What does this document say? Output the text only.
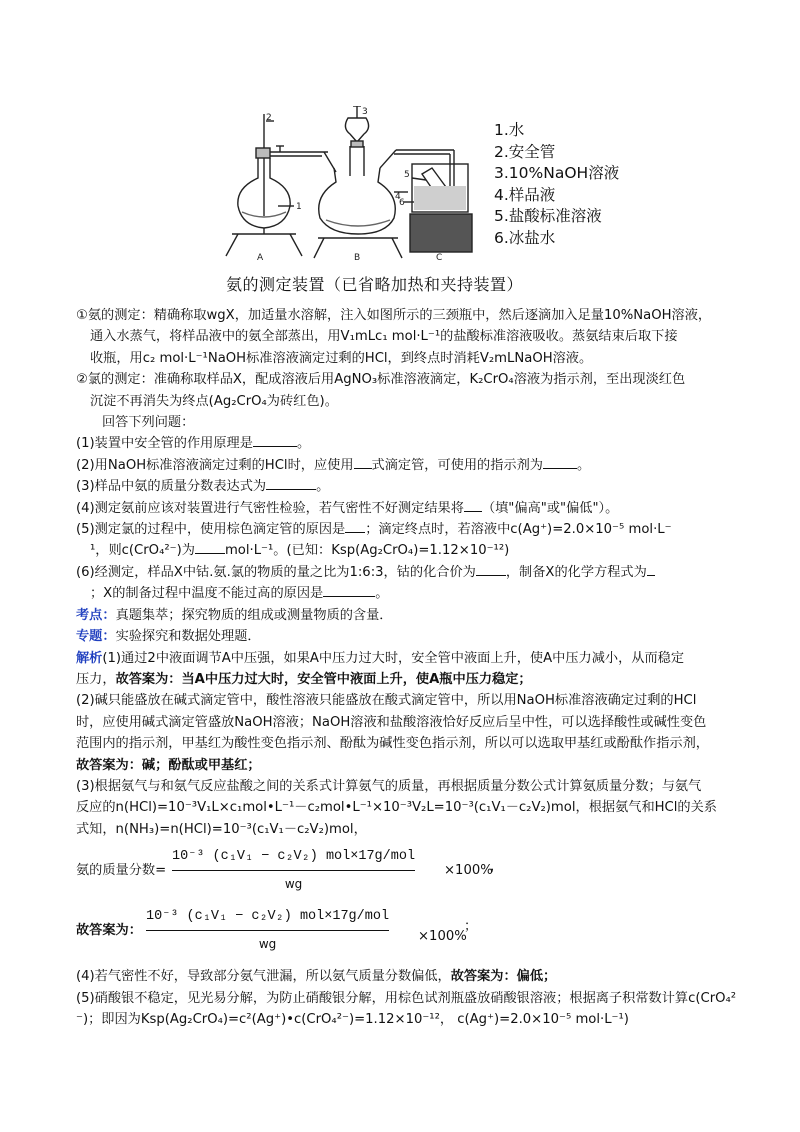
2
3
1
4
5
6
A	B	C
1.水
2.安全管
3.10%NaOH溶液
4.样品液
5.盐酸标准溶液
6.冰盐水
氨的测定装置（已省略加热和夹持装置）

①氨的测定：精确称取wgX，加适量水溶解，注入如图所示的三颈瓶中，然后逐滴加入足量10%NaOH溶液，

通入水蒸气，将样品液中的氨全部蒸出，用V₁mLc₁ mol·L⁻¹的盐酸标准溶液吸收。蒸氨结束后取下接

收瓶，用c₂ mol·L⁻¹NaOH标准溶液滴定过剩的HCl，到终点时消耗V₂mLNaOH溶液。

②氯的测定：准确称取样品X，配成溶液后用AgNO₃标准溶液滴定，K₂CrO₄溶液为指示剂，至出现淡红色

沉淀不再消失为终点(Ag₂CrO₄为砖红色)。

回答下列问题：

(1)装置中安全管的作用原理是	。

(2)用NaOH标准溶液滴定过剩的HCl时，应使用 式滴定管，可使用的指示剂为	。

(3)样品中氨的质量分数表达式为	。

(4)测定氨前应该对装置进行气密性检验，若气密性不好测定结果将 （填"偏高"或"偏低"）。

(5)测定氯的过程中，使用棕色滴定管的原因是 ；滴定终点时，若溶液中c(Ag⁺)=2.0×10⁻⁵ mol·L⁻

¹，则c(CrO₄²⁻)为 mol·L⁻¹。(已知：Ksp(Ag₂CrO₄)=1.12×10⁻¹²)

(6)经测定，样品X中钴.氨.氯的物质的量之比为1:6:3，钴的化合价为 ，制备X的化学方程式为

；X的制备过程中温度不能过高的原因是	。

考点：真题集萃；探究物质的组成或测量物质的含量．

专题：实验探究和数据处理题．

解析(1)通过2中液面调节A中压强，如果A中压力过大时，安全管中液面上升，使A中压力减小，从而稳定

压力，故答案为：当A中压力过大时，安全管中液面上升，使A瓶中压力稳定；

(2)碱只能盛放在碱式滴定管中，酸性溶液只能盛放在酸式滴定管中，所以用NaOH标准溶液确定过剩的HCl

时，应使用碱式滴定管盛放NaOH溶液；NaOH溶液和盐酸溶液恰好反应后呈中性，可以选择酸性或碱性变色

范围内的指示剂，甲基红为酸性变色指示剂、酚酞为碱性变色指示剂，所以可以选取甲基红或酚酞作指示剂，

故答案为：碱；酚酞或甲基红；

(3)根据氨气与和氨气反应盐酸之间的关系式计算氨气的质量，再根据质量分数公式计算氨质量分数；与氨气

反应的n(HCl)=10⁻³V₁L×c₁mol•L⁻¹－c₂mol•L⁻¹×10⁻³V₂L=10⁻³(c₁V₁－c₂V₂)mol，根据氨气和HCl的关系

式知，n(NH₃)=n(HCl)=10⁻³(c₁V₁－c₂V₂)mol，

氨的质量分数=
10⁻³ (c₁V₁ − c₂V₂) mol×17g/mol
wg
×100%
，
故答案为：
10⁻³ (c₁V₁ − c₂V₂) mol×17g/mol
wg	×100%
；

(4)若气密性不好，导致部分氨气泄漏，所以氨气质量分数偏低，故答案为：偏低；

(5)硝酸银不稳定，见光易分解，为防止硝酸银分解，用棕色试剂瓶盛放硝酸银溶液；根据离子积常数计算c(CrO₄²

⁻)；即因为Ksp(Ag₂CrO₄)=c²(Ag⁺)•c(CrO₄²⁻)=1.12×10⁻¹²， c(Ag⁺)=2.0×10⁻⁵ mol·L⁻¹)
